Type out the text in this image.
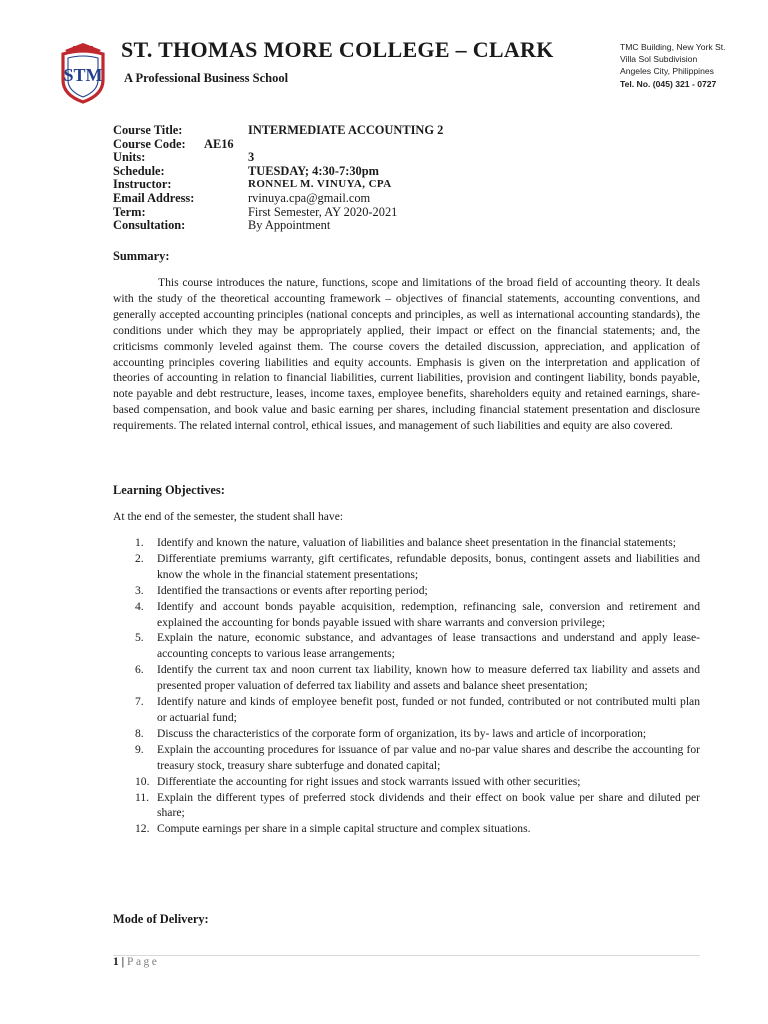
STM
ST. THOMAS MORE COLLEGE – CLARK
A Professional Business School
TMC Building, New York St.
Villa Sol Subdivision
Angeles City, Philippines
Tel. No. (045) 321 - 0727
Course Title:	INTERMEDIATE ACCOUNTING 2
Course Code: AE16
Units:	3
Schedule:	TUESDAY; 4:30-7:30pm
Instructor:	RONNEL M. VINUYA, CPA
Email Address:	rvinuya.cpa@gmail.com
Term:	First Semester, AY 2020-2021
Consultation:	By Appointment
Summary:

This course introduces the nature, functions, scope and limitations of the broad field of accounting theory. It deals with the study of the theoretical accounting framework – objectives of financial statements, accounting conventions, and generally accepted accounting principles (national concepts and principles, as well as international accounting standards), the conditions under which they may be appropriately applied, their impact or effect on the financial statements; and, the criticisms commonly leveled against them. The course covers the detailed discussion, appreciation, and application of accounting principles covering liabilities and equity accounts. Emphasis is given on the interpretation and application of theories of accounting in relation to financial liabilities, current liabilities, provision and contingent liability, bonds payable, note payable and debt restructure, leases, income taxes, employee benefits, shareholders equity and retained earnings, share-based compensation, and book value and basic earning per shares, including financial statement presentation and disclosure requirements. The related internal control, ethical issues, and management of such liabilities and equity are also covered.

Learning Objectives:
At the end of the semester, the student shall have:
1. Identify and known the nature, valuation of liabilities and balance sheet presentation in the financial statements;
2. Differentiate premiums warranty, gift certificates, refundable deposits, bonus, contingent assets and liabilities and know the whole in the financial statement presentations;
3. Identified the transactions or events after reporting period;
4. Identify and account bonds payable acquisition, redemption, refinancing sale, conversion and retirement and explained the accounting for bonds payable issued with share warrants and conversion privilege;
5. Explain the nature, economic substance, and advantages of lease transactions and understand and apply lease-accounting concepts to various lease arrangements;
6. Identify the current tax and noon current tax liability, known how to measure deferred tax liability and assets and presented proper valuation of deferred tax liability and assets and balance sheet presentation;
7. Identify nature and kinds of employee benefit post, funded or not funded, contributed or not contributed multi plan or actuarial fund;
8. Discuss the characteristics of the corporate form of organization, its by- laws and article of incorporation;
9. Explain the accounting procedures for issuance of par value and no-par value shares and describe the accounting for treasury stock, treasury share subterfuge and donated capital;
10. Differentiate the accounting for right issues and stock warrants issued with other securities;
11. Explain the different types of preferred stock dividends and their effect on book value per share and diluted per share;
12. Compute earnings per share in a simple capital structure and complex situations.
Mode of Delivery:
1 | Page
